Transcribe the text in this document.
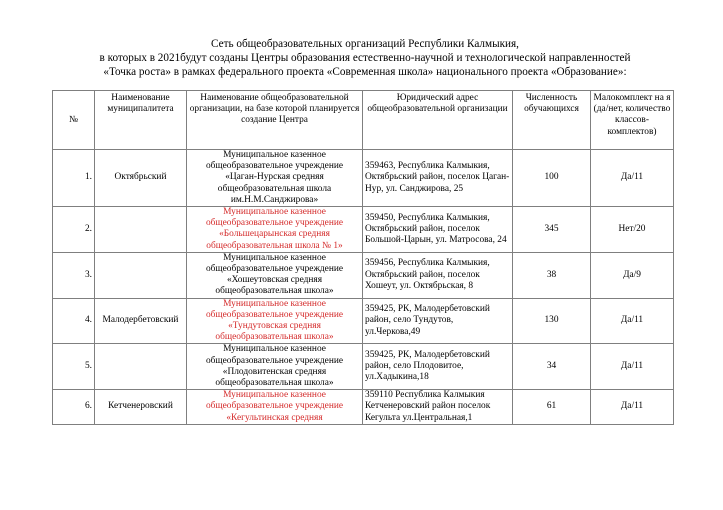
Сеть общеобразовательных организаций Республики Калмыкия,
в которых в 2021будут созданы Центры образования естественно-научной и технологической направленностей
«Точка роста» в рамках федерального проекта «Современная школа» национального проекта «Образование»:
№	Наименование муниципалитета	Наименование общеобразовательной организации, на базе которой планируется создание Центра	Юридический адрес общеобразовательной организации	Численность обучающихся	Малокомплект на я (да/нет, количество классов-комплектов)
1.	Октябрьский	Муниципальное казенное общеобразовательное учреждение «Цаган-Нурская средняя общеобразовательная школа им.Н.М.Санджирова»	359463, Республика Калмыкия, Октябрьский район, поселок Цаган-Нур, ул. Санджирова, 25	100	Да/11
2.		Муниципальное казенное общеобразовательное учреждение «Большецарынская средняя общеобразовательная школа № 1»	359450, Республика Калмыкия, Октябрьский район, поселок Большой-Царын, ул. Матросова, 24	345	Нет/20
3.		Муниципальное казенное общеобразовательное учреждение «Хошеутовская средняя общеобразовательная школа»	359456, Республика Калмыкия, Октябрьский район, поселок Хошеут, ул. Октябрьская, 8	38	Да/9
4.	Малодербетовский	Муниципальное казенное общеобразовательное учреждение «Тундутовская средняя общеобразовательная школа»	359425, РК, Малодербетовский район, село Тундутов, ул.Черкова,49	130	Да/11
5.		Муниципальное казенное общеобразовательное учреждение «Плодовитенская средняя общеобразовательная школа»	359425, РК, Малодербетовский район, село Плодовитое, ул.Хадыкина,18	34	Да/11
6.	Кетченеровский	Муниципальное казенное общеобразовательное учреждение «Кегультинская средняя	359110 Республика Калмыкия Кетченеровский район поселок Кегульта ул.Центральная,1	61	Да/11
